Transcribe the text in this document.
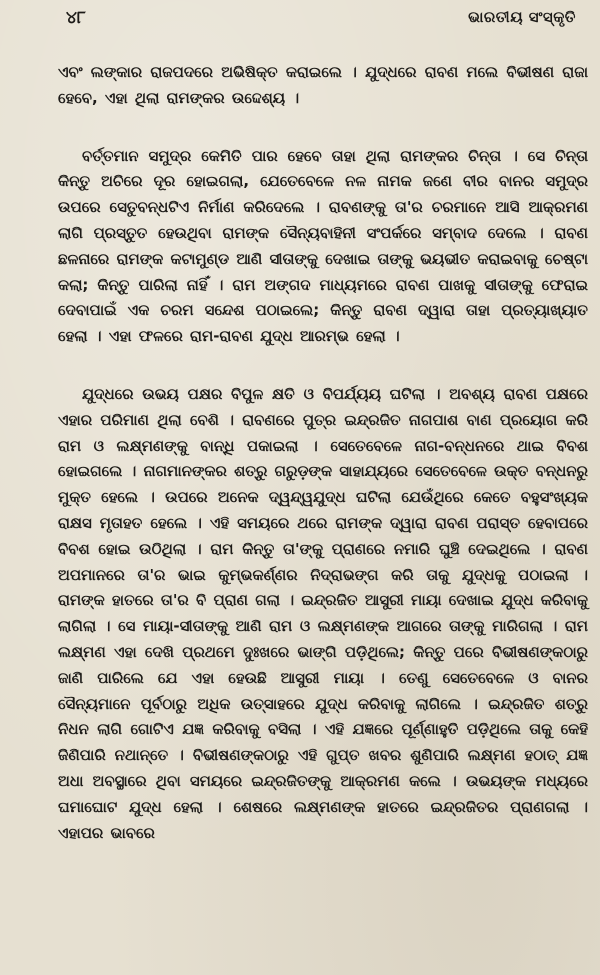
୪୮	ଭାରତୀୟ ସଂସ୍କୃତି

ଏବଂ ଲଙ୍କାର ରାଜପଦରେ ଅଭିଷିକ୍ତ କରାଇଲେ । ଯୁଦ୍ଧରେ ରାବଣ ମଲେ ବିଭୀଷଣ ରାଜା ହେବେ, ଏହା ଥିଲା ରାମଙ୍କର ଉଦ୍ଦେଶ୍ୟ ।

ବର୍ତ୍ତମାନ ସମୁଦ୍ର କେମିତି ପାର ହେବେ ତାହା ଥିଲା ରାମଙ୍କର ଚିନ୍ତା । ସେ ଚିନ୍ତା କିନ୍ତୁ ଅଚିରେ ଦୂର ହୋଇଗଲା, ଯେତେବେଳେ ନଳ ନାମକ ଜଣେ ବୀର ବାନର ସମୁଦ୍ର ଉପରେ ସେତୁବନ୍ଧଟିଏ ନିର୍ମାଣ କରିଦେଲେ । ରାବଣଙ୍କୁ ତା'ର ଚରମାନେ ଆସି ଆକ୍ରମଣ ଲାଗି ପ୍ରସ୍ତୁତ ହେଉଥିବା ରାମଙ୍କ ସୈନ୍ୟବାହିନୀ ସଂପର୍କରେ ସମ୍ବାଦ ଦେଲେ । ରାବଣ ଛଳନାରେ ରାମଙ୍କ କଟାମୁଣ୍ଡ ଆଣି ସୀତାଙ୍କୁ ଦେଖାଇ ତାଙ୍କୁ ଭୟଭୀତ କରାଇବାକୁ ଚେଷ୍ଟା କଲା; କିନ୍ତୁ ପାରିଲା ନାହିଁ । ରାମ ଅଙ୍ଗଦ ମାଧ୍ୟମରେ ରାବଣ ପାଖକୁ ସୀତାଙ୍କୁ ଫେରାଇ ଦେବାପାଇଁ ଏକ ଚରମ ସନ୍ଦେଶ ପଠାଇଲେ; କିନ୍ତୁ ରାବଣ ଦ୍ୱାରା ତାହା ପ୍ରତ୍ୟାଖ୍ୟାତ ହେଲା । ଏହା ଫଳରେ ରାମ-ରାବଣ ଯୁଦ୍ଧ ଆରମ୍ଭ ହେଲା ।

ଯୁଦ୍ଧରେ ଉଭୟ ପକ୍ଷର ବିପୁଳ କ୍ଷତି ଓ ବିପର୍ଯ୍ୟୟ ଘଟିଲା । ଅବଶ୍ୟ ରାବଣ ପକ୍ଷରେ ଏହାର ପରିମାଣ ଥିଲା ବେଶି । ରାବଣରେ ପୁତ୍ର ଇନ୍ଦ୍ରଜିତ ନାଗପାଶ ବାଣ ପ୍ରୟୋଗ କରି ରାମ ଓ ଲକ୍ଷ୍ମଣଙ୍କୁ ବାନ୍ଧି ପକାଇଲା । ସେତେବେଳେ ନାଗ-ବନ୍ଧନରେ ଥାଇ ବିବଶ ହୋଇଗଲେ । ନାଗମାନଙ୍କର ଶତ୍ରୁ ଗରୁଡ଼ଙ୍କ ସାହାଯ୍ୟରେ ସେତେବେଳେ ଉକ୍ତ ବନ୍ଧନରୁ ମୁକ୍ତ ହେଲେ । ଉପରେ ଅନେକ ଦ୍ୱନ୍ଦ୍ୱଯୁଦ୍ଧ ଘଟିଲା ଯେଉଁଥିରେ କେତେ ବହୁସଂଖ୍ୟକ ରାକ୍ଷସ ମୃତାହତ ହେଲେ । ଏହି ସମୟରେ ଥରେ ରାମଙ୍କ ଦ୍ୱାରା ରାବଣ ପରାସ୍ତ ହେବାପରେ ବିବଶ ହୋଇ ଉଠିଥିଲା । ରାମ କିନ୍ତୁ ତା'ଙ୍କୁ ପ୍ରାଣରେ ନମାରି ଘୁଞ୍ଚି ଦେଇଥିଲେ । ରାବଣ ଅପମାନରେ ତା'ର ଭାଇ କୁମ୍ଭକର୍ଣ୍ଣର ନିଦ୍ରାଭଙ୍ଗ କରି ତାକୁ ଯୁଦ୍ଧକୁ ପଠାଇଲା । ରାମଙ୍କ ହାତରେ ତା'ର ବି ପ୍ରାଣ ଗଲା । ଇନ୍ଦ୍ରଜିତ ଆସୁରୀ ମାୟା ଦେଖାଇ ଯୁଦ୍ଧ କରିବାକୁ ଲାଗିଲା । ସେ ମାୟା-ସୀତାଙ୍କୁ ଆଣି ରାମ ଓ ଲକ୍ଷ୍ମଣଙ୍କ ଆଗରେ ତାଙ୍କୁ ମାରିଗଲା । ରାମ ଲକ୍ଷ୍ମଣ ଏହା ଦେଖି ପ୍ରଥମେ ଦୁଃଖରେ ଭାଙ୍ଗି ପଡ଼ିଥିଲେ; କିନ୍ତୁ ପରେ ବିଭୀଷଣଙ୍କଠାରୁ ଜାଣି ପାରିଲେ ଯେ ଏହା ହେଉଛି ଆସୁରୀ ମାୟା । ତେଣୁ ସେତେବେଳେ ଓ ବାନର ସୈନ୍ୟମାନେ ପୂର୍ବଠାରୁ ଅଧିକ ଉତ୍ସାହରେ ଯୁଦ୍ଧ କରିବାକୁ ଲାଗିଲେ । ଇନ୍ଦ୍ରଜିତ ଶତ୍ରୁ ନିଧନ ଲାଗି ଗୋଟିଏ ଯଜ୍ଞ କରିବାକୁ ବସିଲା । ଏହି ଯଜ୍ଞରେ ପୂର୍ଣ୍ଣାହୁତି ପଡ଼ିଥିଲେ ତାକୁ କେହି ଜିଣିପାରି ନଥାନ୍ତେ । ବିଭୀଷଣଙ୍କଠାରୁ ଏହି ଗୁପ୍ତ ଖବର ଶୁଣିପାରି ଲକ୍ଷ୍ମଣ ହଠାତ୍ ଯଜ୍ଞ ଅଧା ଅବସ୍ଥାରେ ଥିବା ସମୟରେ ଇନ୍ଦ୍ରଜିତଙ୍କୁ ଆକ୍ରମଣ କଲେ । ଉଭୟଙ୍କ ମଧ୍ୟରେ ଘମାଘୋଟ ଯୁଦ୍ଧ ହେଲା । ଶେଷରେ ଲକ୍ଷ୍ମଣଙ୍କ ହାତରେ ଇନ୍ଦ୍ରଜିତର ପ୍ରାଣଗଲା । ଏହାପର ଭାବରେ
